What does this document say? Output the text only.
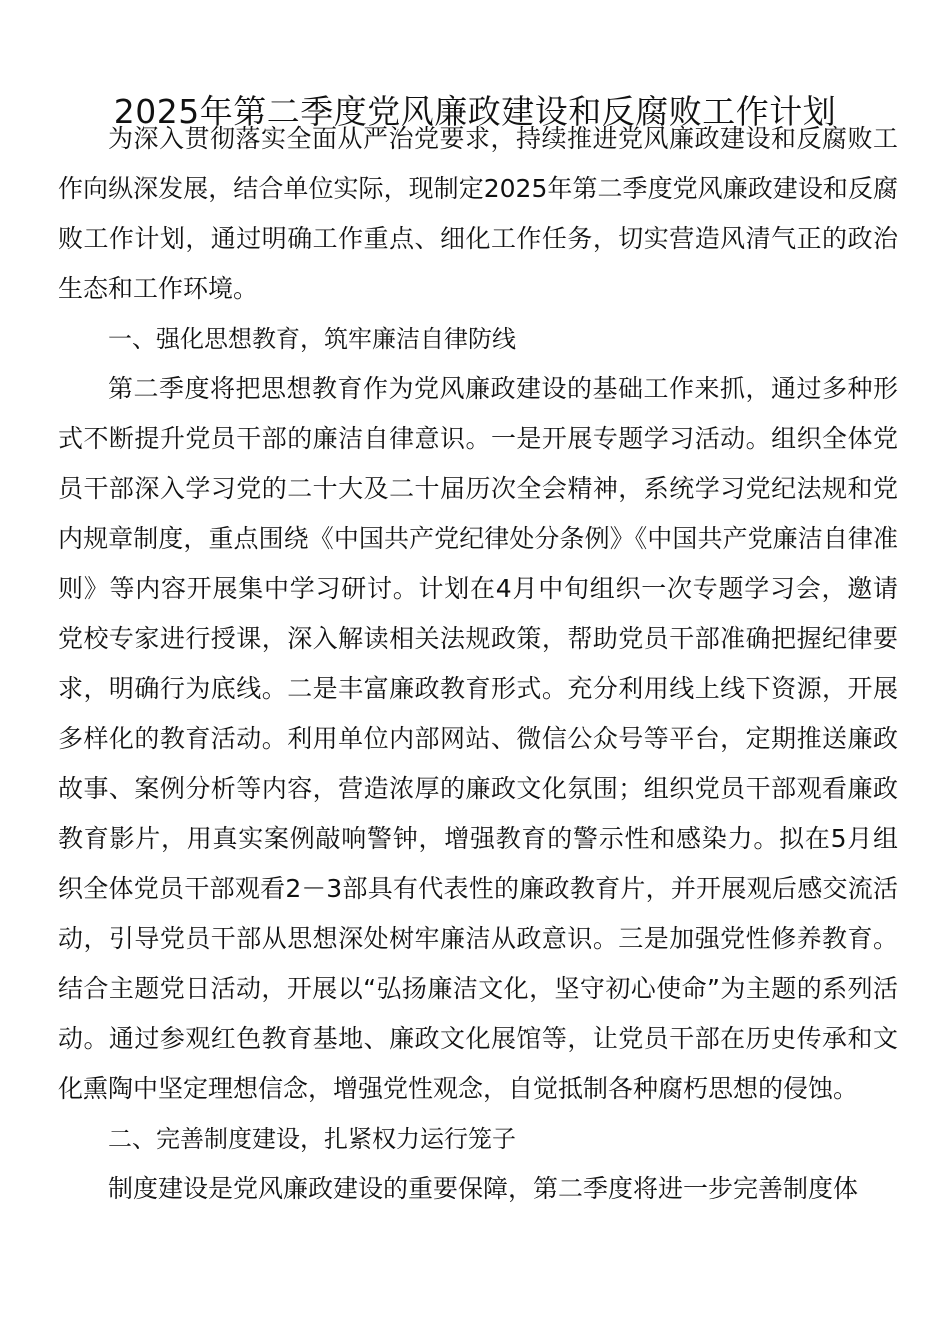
2025年第二季度党风廉政建设和反腐败工作计划

为深入贯彻落实全面从严治党要求，持续推进党风廉政建设和反腐败工作向纵深发展，结合单位实际，现制定2025年第二季度党风廉政建设和反腐败工作计划，通过明确工作重点、细化工作任务，切实营造风清气正的政治生态和工作环境。

一、强化思想教育，筑牢廉洁自律防线

第二季度将把思想教育作为党风廉政建设的基础工作来抓，通过多种形式不断提升党员干部的廉洁自律意识。一是开展专题学习活动。组织全体党员干部深入学习党的二十大及二十届历次全会精神，系统学习党纪法规和党内规章制度，重点围绕《中国共产党纪律处分条例》《中国共产党廉洁自律准则》等内容开展集中学习研讨。计划在4月中旬组织一次专题学习会，邀请党校专家进行授课，深入解读相关法规政策，帮助党员干部准确把握纪律要求，明确行为底线。二是丰富廉政教育形式。充分利用线上线下资源，开展多样化的教育活动。利用单位内部网站、微信公众号等平台，定期推送廉政故事、案例分析等内容，营造浓厚的廉政文化氛围；组织党员干部观看廉政教育影片，用真实案例敲响警钟，增强教育的警示性和感染力。拟在5月组织全体党员干部观看2－3部具有代表性的廉政教育片，并开展观后感交流活动，引导党员干部从思想深处树牢廉洁从政意识。三是加强党性修养教育。结合主题党日活动，开展以“弘扬廉洁文化，坚守初心使命”为主题的系列活动。通过参观红色教育基地、廉政文化展馆等，让党员干部在历史传承和文化熏陶中坚定理想信念，增强党性观念，自觉抵制各种腐朽思想的侵蚀。

二、完善制度建设，扎紧权力运行笼子

制度建设是党风廉政建设的重要保障，第二季度将进一步完善制度体
